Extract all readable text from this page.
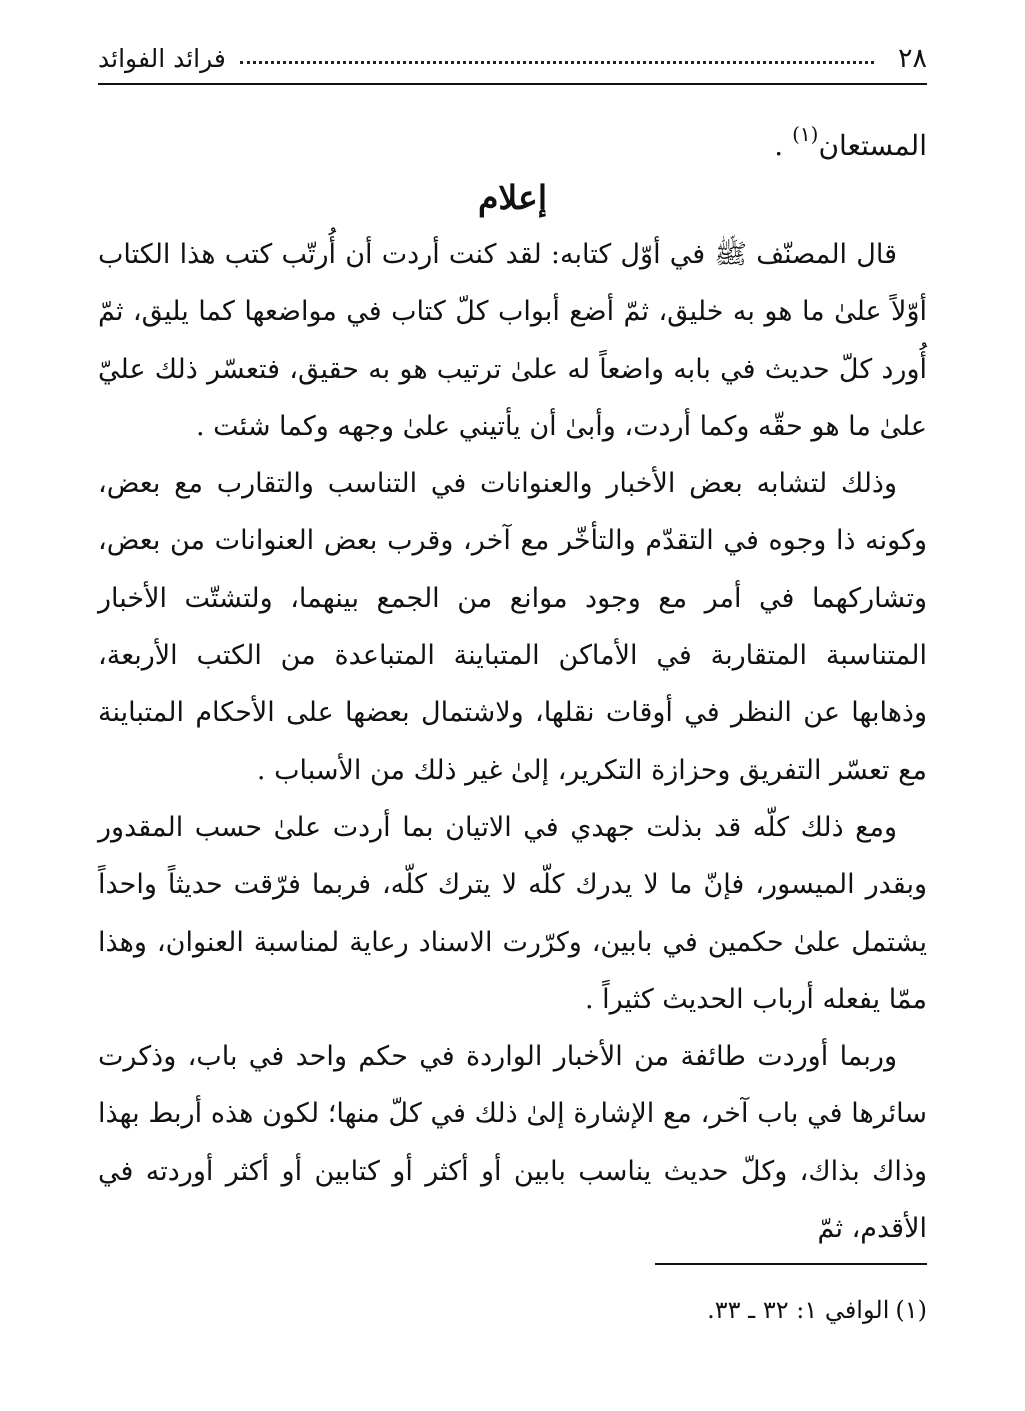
٢٨
فرائد الفوائد
المستعان$^{(١)}$ .
إعلام

قال المصنّف ﷺ في أوّل كتابه: لقد كنت أردت أن أُرتّب كتب هذا الكتاب أوّلاً علىٰ ما هو به خليق، ثمّ أضع أبواب كلّ كتاب في مواضعها كما يليق، ثمّ أُورد كلّ حديث في بابه واضعاً له علىٰ ترتيب هو به حقيق، فتعسّر ذلك عليّ علىٰ ما هو حقّه وكما أردت، وأبىٰ أن يأتيني علىٰ وجهه وكما شئت .

وذلك لتشابه بعض الأخبار والعنوانات في التناسب والتقارب مع بعض، وكونه ذا وجوه في التقدّم والتأخّر مع آخر، وقرب بعض العنوانات من بعض، وتشاركهما في أمر مع وجود موانع من الجمع بينهما، ولتشتّت الأخبار المتناسبة المتقاربة في الأماكن المتباينة المتباعدة من الكتب الأربعة، وذهابها عن النظر في أوقات نقلها، ولاشتمال بعضها على الأحكام المتباينة مع تعسّر التفريق وحزازة التكرير، إلىٰ غير ذلك من الأسباب .

ومع ذلك كلّه قد بذلت جهدي في الاتيان بما أردت علىٰ حسب المقدور وبقدر الميسور، فإنّ ما لا يدرك كلّه لا يترك كلّه، فربما فرّقت حديثاً واحداً يشتمل علىٰ حكمين في بابين، وكرّرت الاسناد رعاية لمناسبة العنوان، وهذا ممّا يفعله أرباب الحديث كثيراً .

وربما أوردت طائفة من الأخبار الواردة في حكم واحد في باب، وذكرت سائرها في باب آخر، مع الإشارة إلىٰ ذلك في كلّ منها؛ لكون هذه أربط بهذا وذاك بذاك، وكلّ حديث يناسب بابين أو أكثر أو كتابين أو أكثر أوردته في الأقدم، ثمّ

(١)الوافي ١: ٣٢ ـ ٣٣.
